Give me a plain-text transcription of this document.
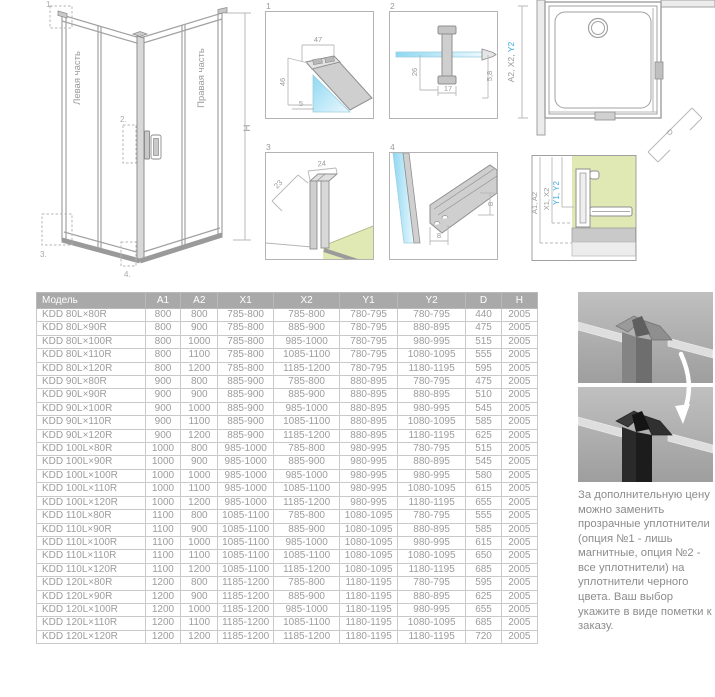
1.
2.
3.
4.
H
Левая часть	Правая часть
1
47
46
5
2
26
17
5,8
3
24
23
4
8
8
A2, X2, Y2
D
A1, A2 X1, X2 Y1, Y2
Модель	A1	A2	X1	X2	Y1	Y2	D	H
KDD 80L×80R	800	800	785-800	785-800	780-795	780-795	440	2005
KDD 80L×90R	800	900	785-800	885-900	780-795	880-895	475	2005
KDD 80L×100R	800	1000	785-800	985-1000	780-795	980-995	515	2005
KDD 80L×110R	800	1100	785-800	1085-1100	780-795	1080-1095	555	2005
KDD 80L×120R	800	1200	785-800	1185-1200	780-795	1180-1195	595	2005
KDD 90L×80R	900	800	885-900	785-800	880-895	780-795	475	2005
KDD 90L×90R	900	900	885-900	885-900	880-895	880-895	510	2005
KDD 90L×100R	900	1000	885-900	985-1000	880-895	980-995	545	2005
KDD 90L×110R	900	1100	885-900	1085-1100	880-895	1080-1095	585	2005
KDD 90L×120R	900	1200	885-900	1185-1200	880-895	1180-1195	625	2005
KDD 100L×80R	1000	800	985-1000	785-800	980-995	780-795	515	2005
KDD 100L×90R	1000	900	985-1000	885-900	980-995	880-895	545	2005
KDD 100L×100R	1000	1000	985-1000	985-1000	980-995	980-995	580	2005
KDD 100L×110R	1000	1100	985-1000	1085-1100	980-995	1080-1095	615	2005
KDD 100L×120R	1000	1200	985-1000	1185-1200	980-995	1180-1195	655	2005
KDD 110L×80R	1100	800	1085-1100	785-800	1080-1095	780-795	555	2005
KDD 110L×90R	1100	900	1085-1100	885-900	1080-1095	880-895	585	2005
KDD 110L×100R	1100	1000	1085-1100	985-1000	1080-1095	980-995	615	2005
KDD 110L×110R	1100	1100	1085-1100	1085-1100	1080-1095	1080-1095	650	2005
KDD 110L×120R	1100	1200	1085-1100	1185-1200	1080-1095	1180-1195	685	2005
KDD 120L×80R	1200	800	1185-1200	785-800	1180-1195	780-795	595	2005
KDD 120L×90R	1200	900	1185-1200	885-900	1180-1195	880-895	625	2005
KDD 120L×100R	1200	1000	1185-1200	985-1000	1180-1195	980-995	655	2005
KDD 120L×110R	1200	1100	1185-1200	1085-1100	1180-1195	1080-1095	685	2005
KDD 120L×120R	1200	1200	1185-1200	1185-1200	1180-1195	1180-1195	720	2005
За дополнительную цену можно заменить прозрачные уплотнители (опция №1 - лишь магнитные, опция №2 - все уплотнители) на уплотнители черного цвета. Ваш выбор укажите в виде пометки к заказу.
